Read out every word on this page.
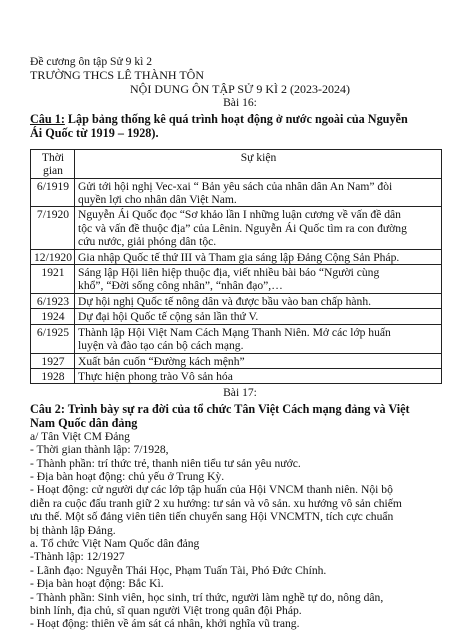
Đề cương ôn tập Sử 9 kì 2
TRƯỜNG THCS LÊ THÀNH TÔN
NỘI DUNG ÔN TẬP SỬ 9 KÌ 2 (2023-2024)
Bài 16:
Câu 1: Lập bảng thống kê quá trình hoạt động ở nước ngoài của Nguyễn
Ái Quốc từ 1919 – 1928).
Thời
gian	Sự kiện
6/1919	Gửi tới hội nghị Vec-xai “ Bản yêu sách của nhân dân An Nam” đòi
quyền lợi cho nhân dân Việt Nam.

7/1920	Nguyễn Ái Quốc đọc “Sơ khảo lần I những luận cương về vấn đề dân
tộc và vấn đề thuộc địa” của Lênin. Nguyễn Ái Quốc tìm ra con đường
cứu nước, giải phóng dân tộc.

12/1920	Gia nhập Quốc tế thứ III và Tham gia sáng lập Đảng Cộng Sản Pháp.

1921	Sáng lập Hội liên hiệp thuộc địa, viết nhiều bài báo “Người cùng
khổ”, “Đời sống công nhân”, “nhân đạo”,…

6/1923	Dự hội nghị Quốc tế nông dân và được bầu vào ban chấp hành.

1924	Dự đại hội Quốc tế cộng sản lần thứ V.

6/1925	Thành lập Hội Việt Nam Cách Mạng Thanh Niên. Mở các lớp huấn
luyện và đào tạo cán bộ cách mạng.

1927	Xuất bản cuốn “Đường kách mệnh”

1928	Thực hiện phong trào Vô sản hóa
Bài 17:
Câu 2: Trình bày sự ra đời của tổ chức Tân Việt Cách mạng đảng và Việt
Nam Quốc dân đảng
a/ Tân Việt CM Đảng
- Thời gian thành lập: 7/1928,
- Thành phần: trí thức trẻ, thanh niên tiểu tư sản yêu nước.
- Địa bàn hoạt động: chủ yếu ở Trung Kỳ.
- Hoạt động: cử người dự các lớp tập huấn của Hội VNCM thanh niên. Nội bộ
diễn ra cuộc đấu tranh giữ 2 xu hướng: tư sản và vô sản. xu hướng vô sản chiếm
ưu thế. Một số đảng viên tiên tiến chuyển sang Hội VNCMTN, tích cực chuẩn
bị thành lập Đảng.
a. Tổ chức Việt Nam Quốc dân đảng
-Thành lập: 12/1927
- Lãnh đạo: Nguyễn Thái Học, Phạm Tuấn Tài, Phó Đức Chính.
- Địa bàn hoạt động: Bắc Kì.
- Thành phần: Sinh viên, học sinh, trí thức, người làm nghề tự do, nông dân,
binh lính, địa chủ, sĩ quan người Việt trong quân đội Pháp.
- Hoạt động: thiên về ám sát cá nhân, khởi nghĩa vũ trang.
